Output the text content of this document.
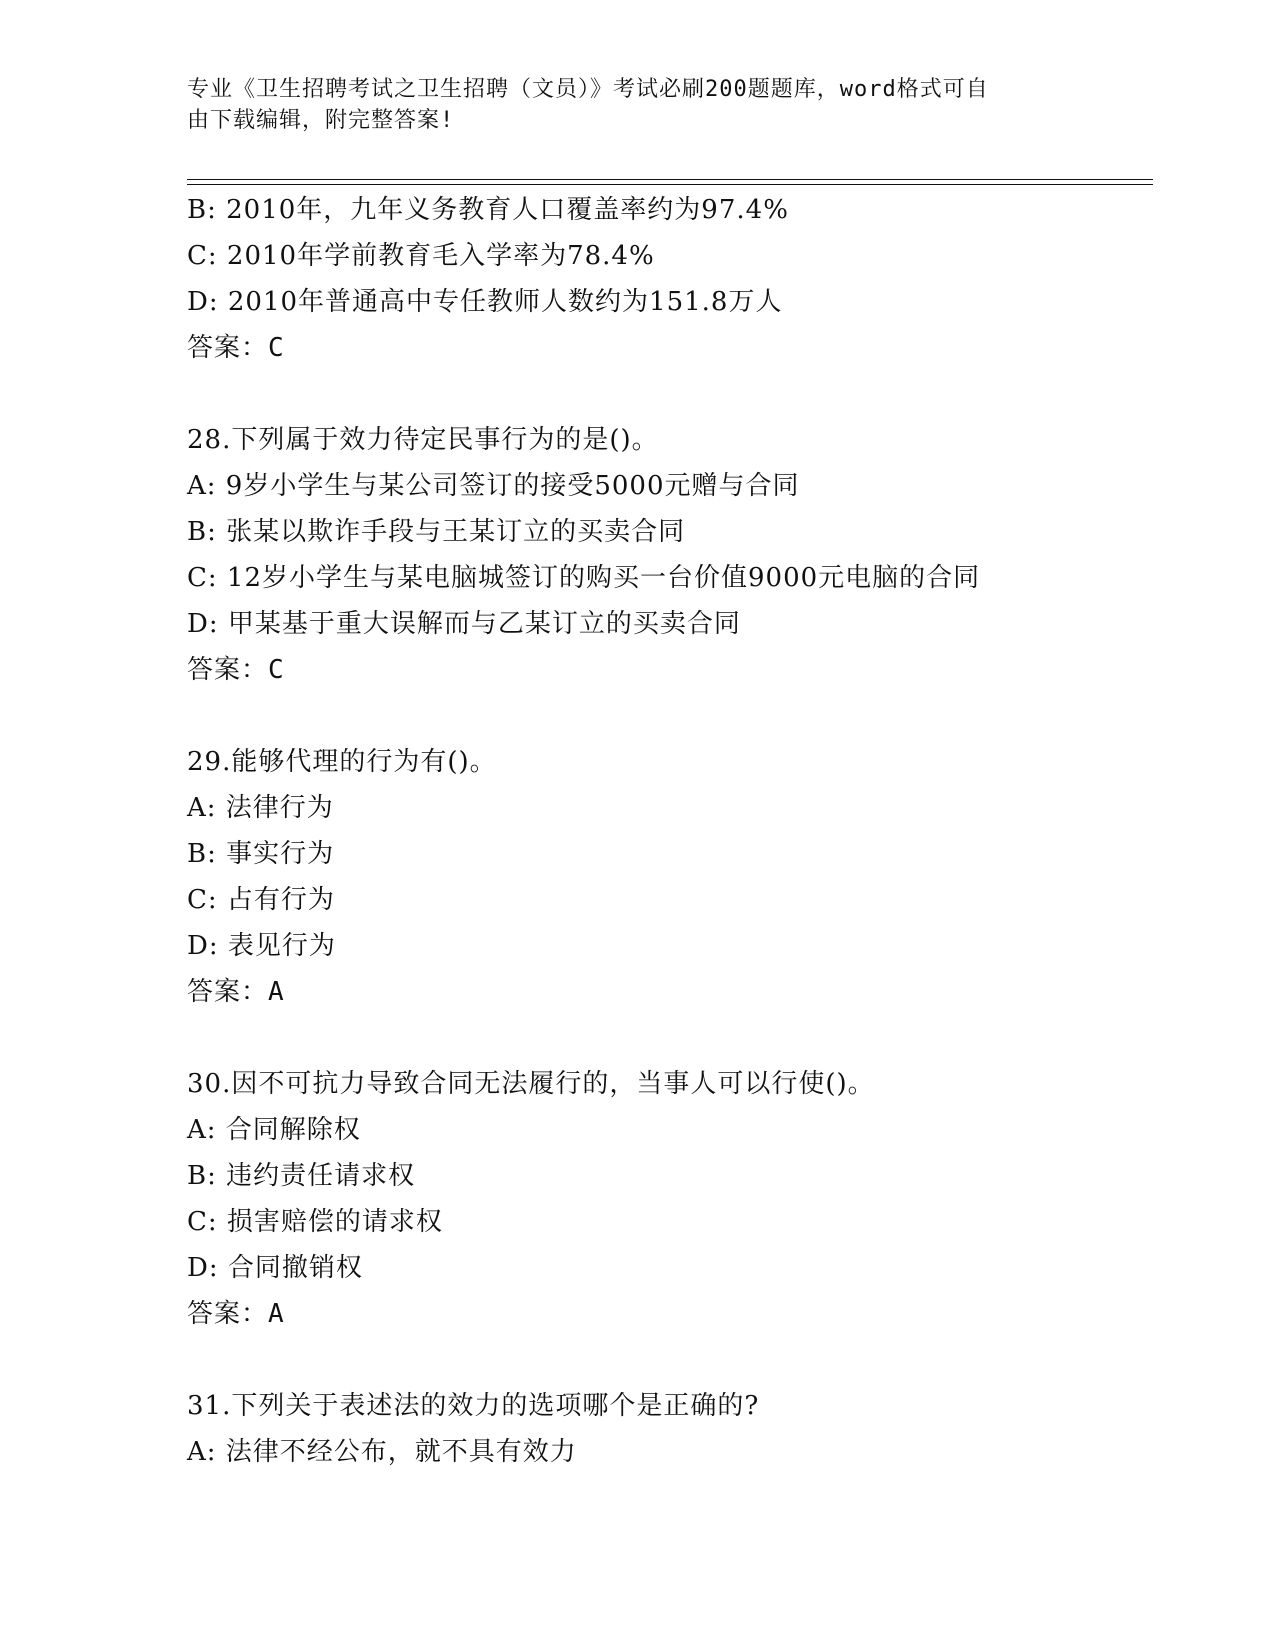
专业《卫生招聘考试之卫生招聘（文员）》考试必刷200题题库，word格式可自
由下载编辑，附完整答案!
B: 2010年，九年义务教育人口覆盖率约为97.4%
C: 2010年学前教育毛入学率为78.4%
D: 2010年普通高中专任教师人数约为151.8万人
答案：C
28.下列属于效力待定民事行为的是()。
A: 9岁小学生与某公司签订的接受5000元赠与合同
B: 张某以欺诈手段与王某订立的买卖合同
C: 12岁小学生与某电脑城签订的购买一台价值9000元电脑的合同
D: 甲某基于重大误解而与乙某订立的买卖合同
答案：C
29.能够代理的行为有()。
A: 法律行为
B: 事实行为
C: 占有行为
D: 表见行为
答案：A
30.因不可抗力导致合同无法履行的，当事人可以行使()。
A: 合同解除权
B: 违约责任请求权
C: 损害赔偿的请求权
D: 合同撤销权
答案：A
31.下列关于表述法的效力的选项哪个是正确的?
A: 法律不经公布，就不具有效力
